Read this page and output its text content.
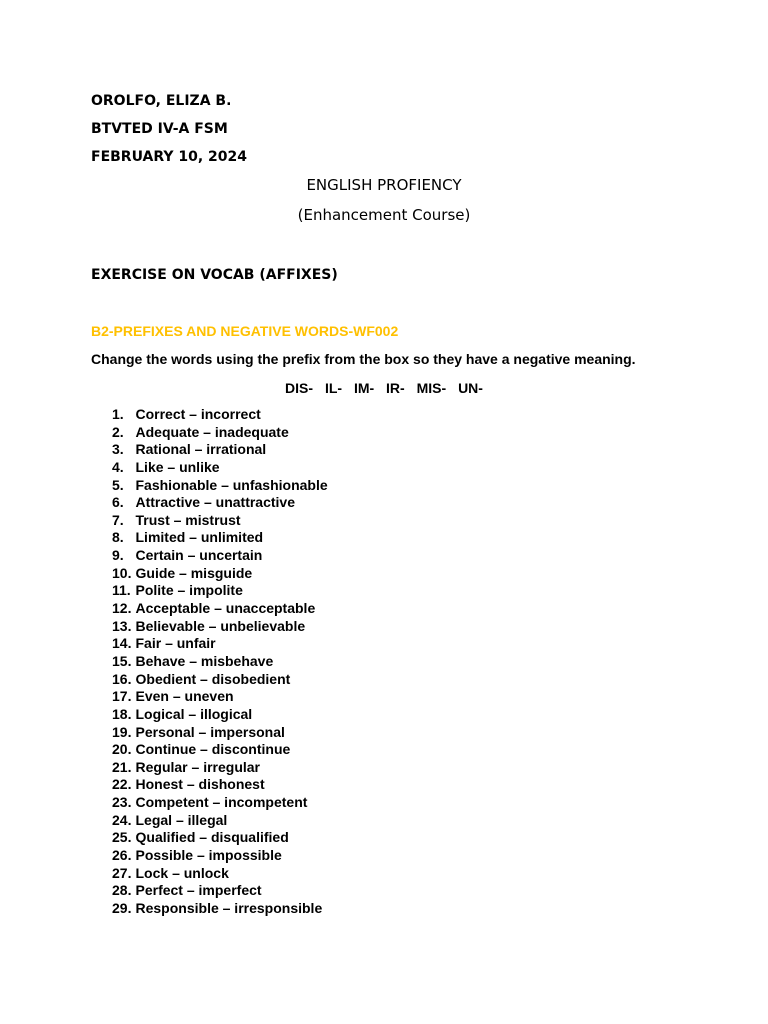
OROLFO, ELIZA B.
BTVTED IV-A FSM
FEBRUARY 10, 2024
ENGLISH PROFIENCY
(Enhancement Course)
EXERCISE ON VOCAB (AFFIXES)
B2-PREFIXES AND NEGATIVE WORDS-WF002
Change the words using the prefix from the box so they have a negative meaning.
DIS- IL- IM- IR- MIS- UN-
1. Correct – incorrect
2. Adequate – inadequate
3. Rational – irrational
4. Like – unlike
5. Fashionable – unfashionable
6. Attractive – unattractive
7. Trust – mistrust
8. Limited – unlimited
9. Certain – uncertain
10. Guide – misguide
11. Polite – impolite
12. Acceptable – unacceptable
13. Believable – unbelievable
14. Fair – unfair
15. Behave – misbehave
16. Obedient – disobedient
17. Even – uneven
18. Logical – illogical
19. Personal – impersonal
20. Continue – discontinue
21. Regular – irregular
22. Honest – dishonest
23. Competent – incompetent
24. Legal – illegal
25. Qualified – disqualified
26. Possible – impossible
27. Lock – unlock
28. Perfect – imperfect
29. Responsible – irresponsible
